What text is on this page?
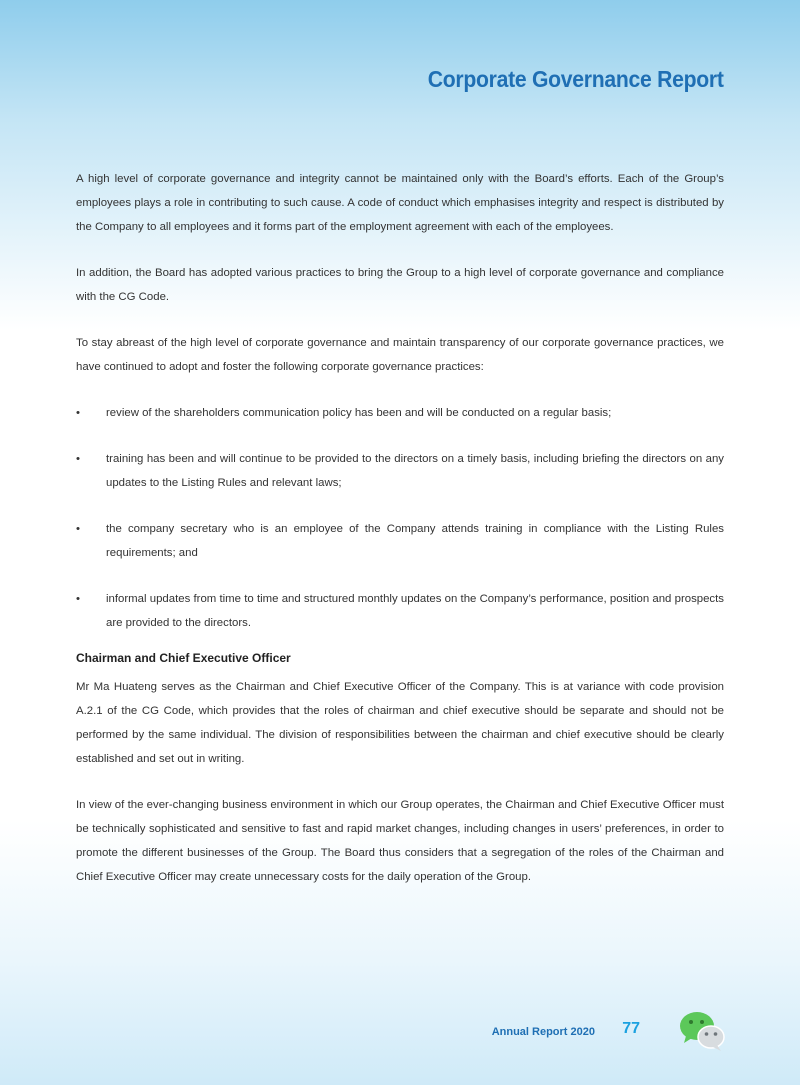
Corporate Governance Report

A high level of corporate governance and integrity cannot be maintained only with the Board’s efforts. Each of the Group’s employees plays a role in contributing to such cause. A code of conduct which emphasises integrity and respect is distributed by the Company to all employees and it forms part of the employment agreement with each of the employees.

In addition, the Board has adopted various practices to bring the Group to a high level of corporate governance and compliance with the CG Code.

To stay abreast of the high level of corporate governance and maintain transparency of our corporate governance practices, we have continued to adopt and foster the following corporate governance practices:

• review of the shareholders communication policy has been and will be conducted on a regular basis;
• training has been and will continue to be provided to the directors on a timely basis, including briefing the directors on any updates to the Listing Rules and relevant laws;
• the company secretary who is an employee of the Company attends training in compliance with the Listing Rules requirements; and
• informal updates from time to time and structured monthly updates on the Company’s performance, position and prospects are provided to the directors.
Chairman and Chief Executive Officer

Mr Ma Huateng serves as the Chairman and Chief Executive Officer of the Company. This is at variance with code provision A.2.1 of the CG Code, which provides that the roles of chairman and chief executive should be separate and should not be performed by the same individual. The division of responsibilities between the chairman and chief executive should be clearly established and set out in writing.

In view of the ever-changing business environment in which our Group operates, the Chairman and Chief Executive Officer must be technically sophisticated and sensitive to fast and rapid market changes, including changes in users’ preferences, in order to promote the different businesses of the Group. The Board thus considers that a segregation of the roles of the Chairman and Chief Executive Officer may create unnecessary costs for the daily operation of the Group.

Annual Report 2020 77
